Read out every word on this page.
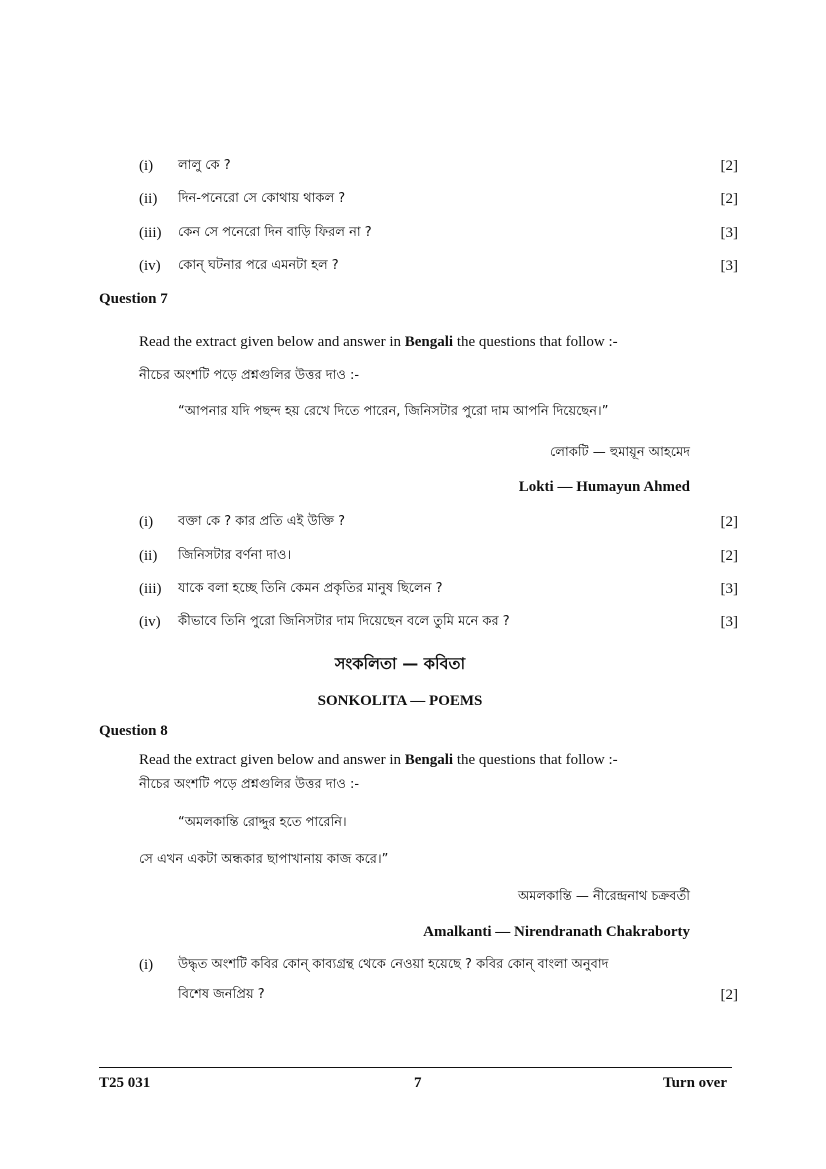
(i) লালু কে ?	[2]
(ii) দিন-পনেরো সে কোথায় থাকল ?	[2]
(iii) কেন সে পনেরো দিন বাড়ি ফিরল না ?	[3]
(iv) কোন্ ঘটনার পরে এমনটা হল ?	[3]
Question 7
Read the extract given below and answer in Bengali the questions that follow :-
নীচের অংশটি পড়ে প্রশ্নগুলির উত্তর দাও :-
“আপনার যদি পছন্দ হয় রেখে দিতে পারেন, জিনিসটার পুরো দাম আপনি দিয়েছেন।”
লোকটি — হুমায়ূন আহমেদ
Lokti — Humayun Ahmed
(i) বক্তা কে ? কার প্রতি এই উক্তি ?	[2]
(ii) জিনিসটার বর্ণনা দাও।	[2]
(iii) যাকে বলা হচ্ছে তিনি কেমন প্রকৃতির মানুষ ছিলেন ?	[3]
(iv) কীভাবে তিনি পুরো জিনিসটার দাম দিয়েছেন বলে তুমি মনে কর ?	[3]
সংকলিতা — কবিতা
SONKOLITA — POEMS
Question 8
Read the extract given below and answer in Bengali the questions that follow :-
নীচের অংশটি পড়ে প্রশ্নগুলির উত্তর দাও :-
“অমলকান্তি রোদ্দুর হতে পারেনি।
সে এখন একটা অন্ধকার ছাপাখানায় কাজ করে।”
অমলকান্তি — নীরেন্দ্রনাথ চক্রবর্তী
Amalkanti — Nirendranath Chakraborty
(i) উদ্ধৃত অংশটি কবির কোন্ কাব্যগ্রন্থ থেকে নেওয়া হয়েছে ? কবির কোন্ বাংলা অনুবাদ
বিশেষ জনপ্রিয় ?	[2]
T25 031	7	Turn over
